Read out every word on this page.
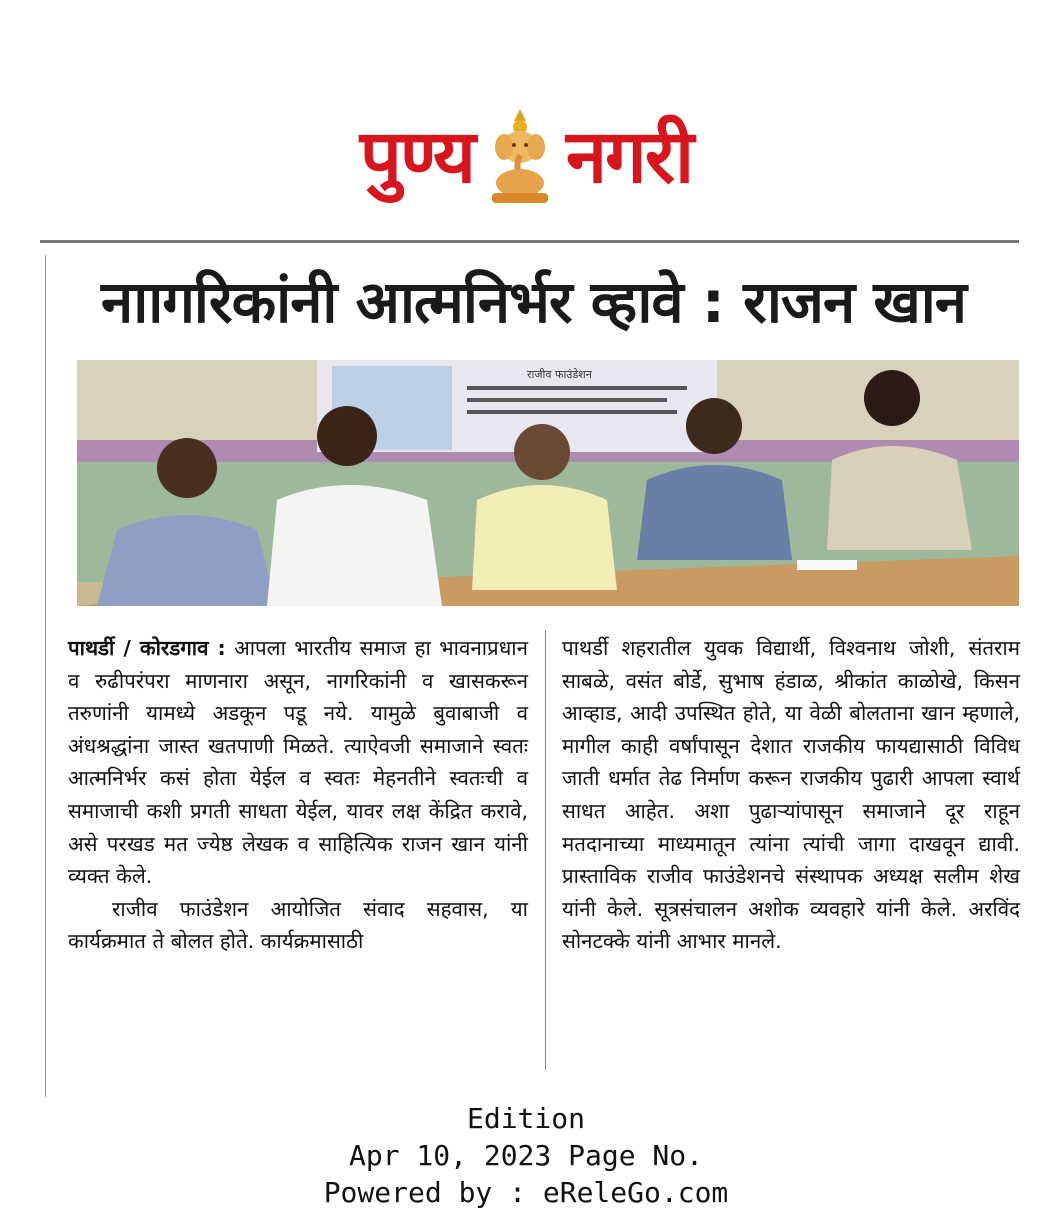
पुण्य नगरी
नाागरिकांनी आत्मनिर्भर व्हावे : राजन खान
राजीव फाउंडेशन

पाथर्डी / कोरडगाव : आपला भारतीय समाज हा भावनाप्रधान व रुढीपरंपरा माणनारा असून, नागरिकांनी व खासकरून तरुणांनी यामध्ये अडकून पडू नये. यामुळे बुवाबाजी व अंधश्रद्धांना जास्त खतपाणी मिळते. त्याऐवजी समाजाने स्वतः आत्मनिर्भर कसं होता येईल व स्वतः मेहनतीने स्वतःची व समाजाची कशी प्रगती साधता येईल, यावर लक्ष केंद्रित करावे, असे परखड मत ज्येष्ठ लेखक व साहित्यिक राजन खान यांनी व्यक्त केले.

राजीव फाउंडेशन आयोजित संवाद सहवास, या कार्यक्रमात ते बोलत होते. कार्यक्रमासाठी

पाथर्डी शहरातील युवक विद्यार्थी, विश्वनाथ जोशी, संतराम साबळे, वसंत बोर्डे, सुभाष हंडाळ, श्रीकांत काळोखे, किसन आव्हाड, आदी उपस्थित होते, या वेळी बोलताना खान म्हणाले, मागील काही वर्षांपासून देशात राजकीय फायद्यासाठी विविध जाती धर्मात तेढ निर्माण करून राजकीय पुढारी आपला स्वार्थ साधत आहेत. अशा पुढाऱ्यांपासून समाजाने दूर राहून मतदानाच्या माध्यमातून त्यांना त्यांची जागा दाखवून द्यावी. प्रास्ताविक राजीव फाउंडेशनचे संस्थापक अध्यक्ष सलीम शेख यांनी केले. सूत्रसंचालन अशोक व्यवहारे यांनी केले. अरविंद सोनटक्के यांनी आभार मानले.

Edition
Apr 10, 2023 Page No.
Powered by : eReleGo.com
